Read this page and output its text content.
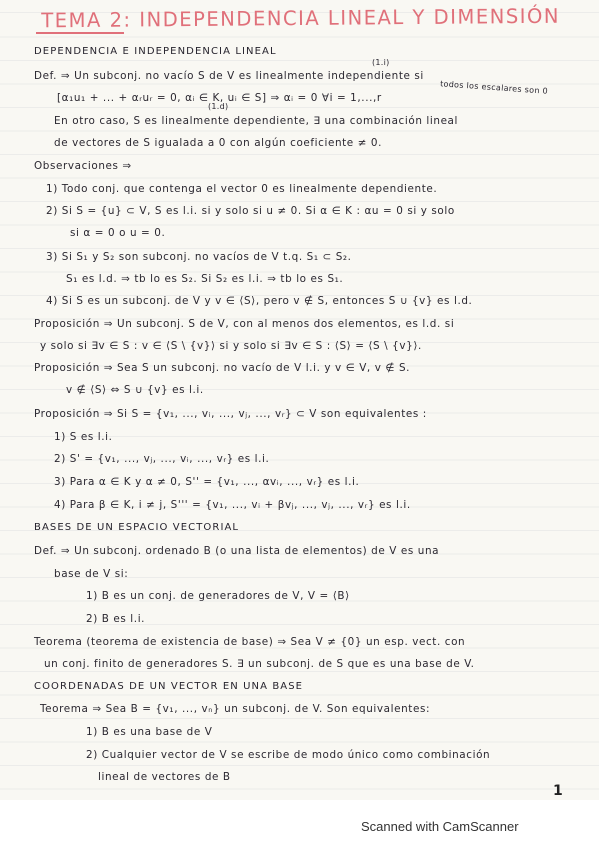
TEMA 2: INDEPENDENCIA LINEAL Y DIMENSIÓN
DEPENDENCIA E INDEPENDENCIA LINEAL
(1.i)
Def. ⇒ Un subconj. no vacío S de V es linealmente independiente si
todos los escalares son 0
[α₁u₁ + ... + αᵣuᵣ = 0, αᵢ ∈ K, uᵢ ∈ S] ⇒ αᵢ = 0 ∀i = 1,...,r
(1.d)
En otro caso, S es linealmente dependiente, ∃ una combinación lineal
de vectores de S igualada a 0 con algún coeficiente ≠ 0.
Observaciones ⇒
1) Todo conj. que contenga el vector 0 es linealmente dependiente.
2) Si S = {u} ⊂ V, S es l.i. si y solo si u ≠ 0. Si α ∈ K : αu = 0 si y solo
si α = 0 o u = 0.
3) Si S₁ y S₂ son subconj. no vacíos de V t.q. S₁ ⊂ S₂.
S₁ es l.d. ⇒ tb lo es S₂. Si S₂ es l.i. ⇒ tb lo es S₁.
4) Si S es un subconj. de V y v ∈ ⟨S⟩, pero v ∉ S, entonces S ∪ {v} es l.d.
Proposición ⇒ Un subconj. S de V, con al menos dos elementos, es l.d. si
y solo si ∃v ∈ S : v ∈ ⟨S \ {v}⟩ si y solo si ∃v ∈ S : ⟨S⟩ = ⟨S \ {v}⟩.
Proposición ⇒ Sea S un subconj. no vacío de V l.i. y v ∈ V, v ∉ S.
v ∉ ⟨S⟩ ⇔ S ∪ {v} es l.i.
Proposición ⇒ Si S = {v₁, ..., vᵢ, ..., vⱼ, ..., vᵣ} ⊂ V son equivalentes :
1) S es l.i.
2) S' = {v₁, ..., vⱼ, ..., vᵢ, ..., vᵣ} es l.i.
3) Para α ∈ K y α ≠ 0, S'' = {v₁, ..., αvᵢ, ..., vᵣ} es l.i.
4) Para β ∈ K, i ≠ j, S''' = {v₁, ..., vᵢ + βvⱼ, ..., vⱼ, ..., vᵣ} es l.i.
BASES DE UN ESPACIO VECTORIAL
Def. ⇒ Un subconj. ordenado B (o una lista de elementos) de V es una
base de V si:
1) B es un conj. de generadores de V, V = ⟨B⟩
2) B es l.i.
Teorema (teorema de existencia de base) ⇒ Sea V ≠ {0} un esp. vect. con
un conj. finito de generadores S. ∃ un subconj. de S que es una base de V.
COORDENADAS DE UN VECTOR EN UNA BASE
Teorema ⇒ Sea B = {v₁, ..., vₙ} un subconj. de V. Son equivalentes:
1) B es una base de V
2) Cualquier vector de V se escribe de modo único como combinación
lineal de vectores de B
1
Scanned with CamScanner
